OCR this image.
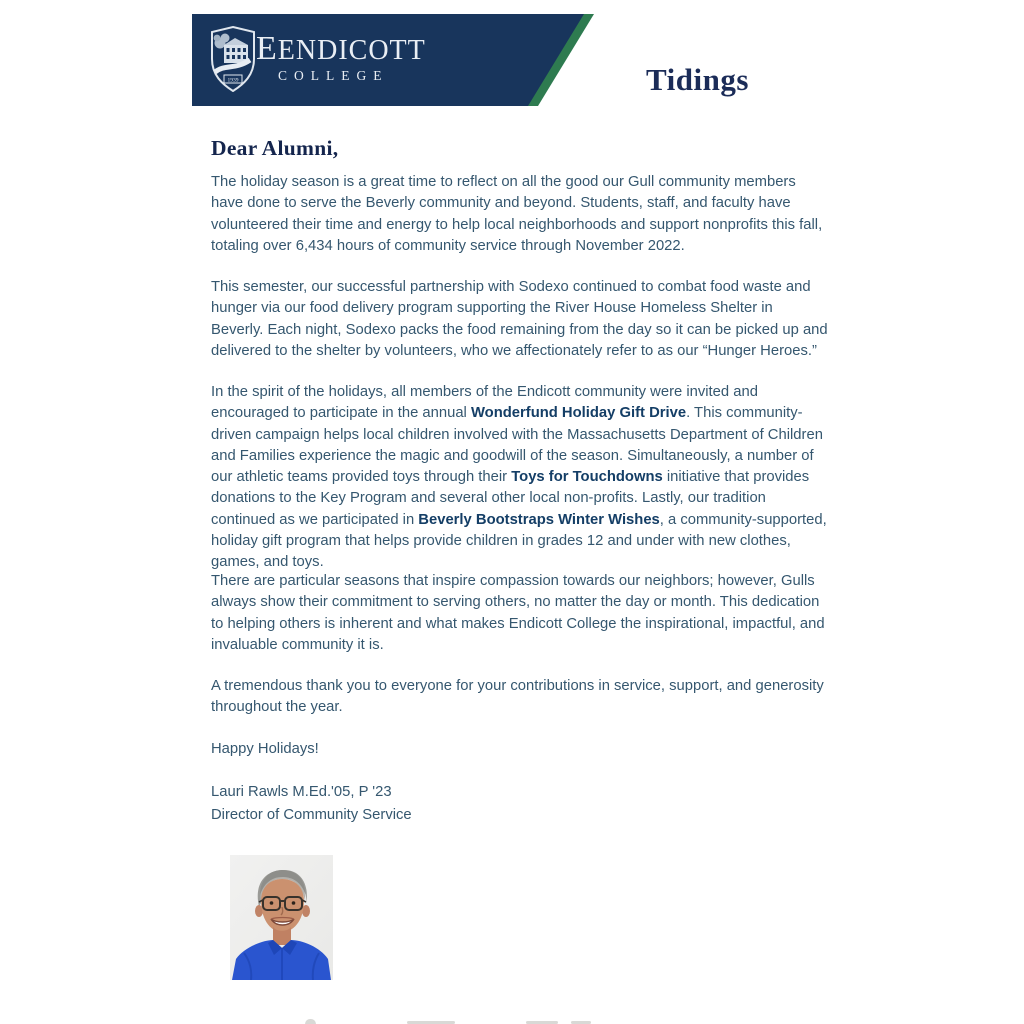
1939
EENDICOTT
COLLEGE	Tidings
Dear Alumni,

The holiday season is a great time to reflect on all the good our Gull community members have done to serve the Beverly community and beyond. Students, staff, and faculty have volunteered their time and energy to help local neighborhoods and support nonprofits this fall, totaling over 6,434 hours of community service through November 2022.

This semester, our successful partnership with Sodexo continued to combat food waste and hunger via our food delivery program supporting the River House Homeless Shelter in Beverly. Each night, Sodexo packs the food remaining from the day so it can be picked up and delivered to the shelter by volunteers, who we affectionately refer to as our “Hunger Heroes.”

In the spirit of the holidays, all members of the Endicott community were invited and encouraged to participate in the annual Wonderfund Holiday Gift Drive. This community-driven campaign helps local children involved with the Massachusetts Department of Children and Families experience the magic and goodwill of the season. Simultaneously, a number of our athletic teams provided toys through their Toys for Touchdowns initiative that provides donations to the Key Program and several other local non-profits. Lastly, our tradition continued as we participated in Beverly Bootstraps Winter Wishes, a community-supported, holiday gift program that helps provide children in grades 12 and under with new clothes, games, and toys.

There are particular seasons that inspire compassion towards our neighbors; however, Gulls always show their commitment to serving others, no matter the day or month. This dedication to helping others is inherent and what makes Endicott College the inspirational, impactful, and invaluable community it is.

A tremendous thank you to everyone for your contributions in service, support, and generosity throughout the year.

Happy Holidays!

Lauri Rawls M.Ed.'05, P '23
Director of Community Service
